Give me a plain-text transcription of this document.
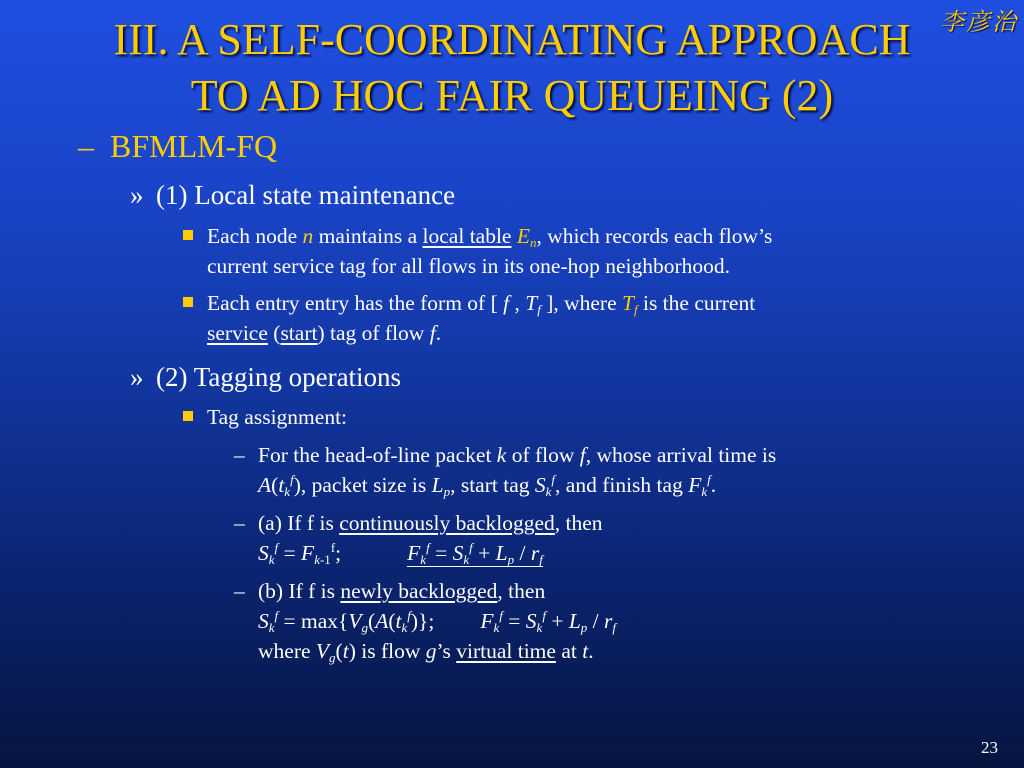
III. A SELF-COORDINATING APPROACH
TO AD HOC FAIR QUEUEING (2)
李彦治
– BFMLM-FQ
» (1) Local state maintenance
Each node n maintains a local table $E_n$, which records each flow’s
current service tag for all flows in its one-hop neighborhood.
Each entry entry has the form of [ f , $T_f$ ], where $T_f$ is the current
service (start) tag of flow f.
» (2) Tagging operations
Tag assignment:
– For the head-of-line packet k of flow f, whose arrival time is
$A(t_k^f)$, packet size is $L_p$, start tag $S_k^f$, and finish tag $F_k^f$.
– (a) If f is continuously backlogged, then
$S_k^f = F_{k-1}^f$;	$F_k^f = S_k^f + L_p / r_f$
– (b) If f is newly backlogged, then
$S_k^f = \max\{V_g(A(t_k^f)\}$; $F_k^f = S_k^f + L_p / r_f$
where $V_g(t)$ is flow g’s virtual time at t.
23
